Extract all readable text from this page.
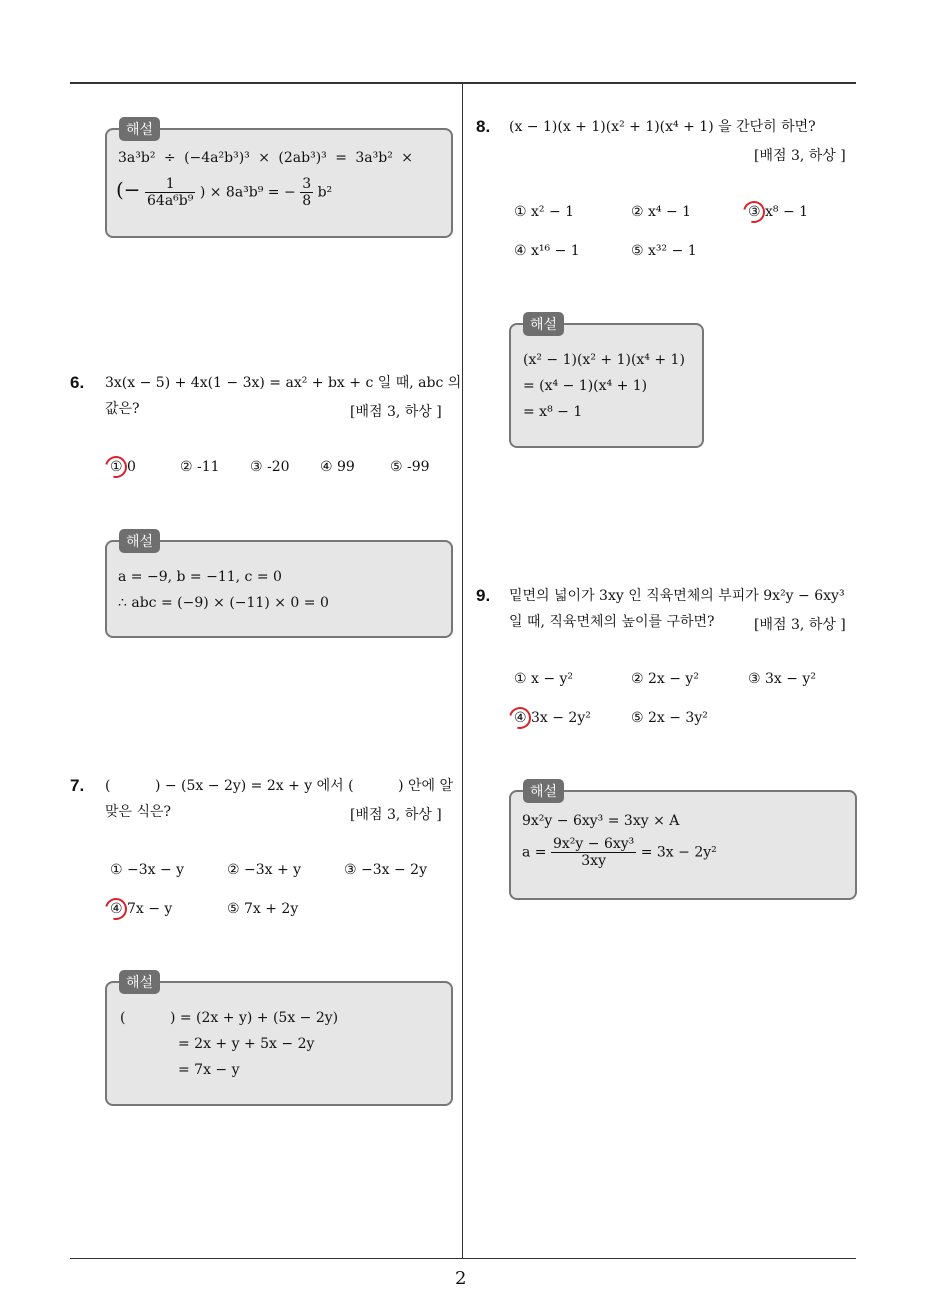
2
해설
3a³b² ÷ (−4a²b³)³ × (2ab³)³ = 3a³b² ×
(− $\frac{1}{\text{64a⁶b⁹}}$ ) × 8a³b⁹ = − $\frac{3}{8} b^2$
6. 3x(x − 5) + 4x(1 − 3x) = ax² + bx + c 일 때, abc 의
값은?	[배점 3, 하상 ]
① 0	② -11 ③ -20 ④ 99	⑤ -99
해설
a = −9, b = −11, c = 0
∴ abc = (−9) × (−11) × 0 = 0
7. (          ) − (5x − 2y) = 2x + y 에서 (          ) 안에 알
맞은 식은?	[배점 3, 하상 ]
① −3x − y	② −3x + y	③ −3x − 2y
④ 7x − y	⑤ 7x + 2y
해설
(          ) = (2x + y) + (5x − 2y)
= 2x + y + 5x − 2y
= 7x − y
8. (x − 1)(x + 1)(x² + 1)(x⁴ + 1) 을 간단히 하면?
[배점 3, 하상 ]
① x² − 1	② x⁴ − 1	③ x⁸ − 1
④ x¹⁶ − 1	⑤ x³² − 1
해설
(x² − 1)(x² + 1)(x⁴ + 1)
= (x⁴ − 1)(x⁴ + 1)
= x⁸ − 1
9. 밑면의 넓이가 3xy 인 직육면체의 부피가 9x²y − 6xy³
일 때, 직육면체의 높이를 구하면?	[배점 3, 하상 ]
① x − y²	② 2x − y²	③ 3x − y²
④ 3x − 2y²	⑤ 2x − 3y²
해설
9x²y − 6xy³ = 3xy × A
$a = \frac{\text{9x²y − 6xy³}}{3xy} = 3x - 2y^2$
